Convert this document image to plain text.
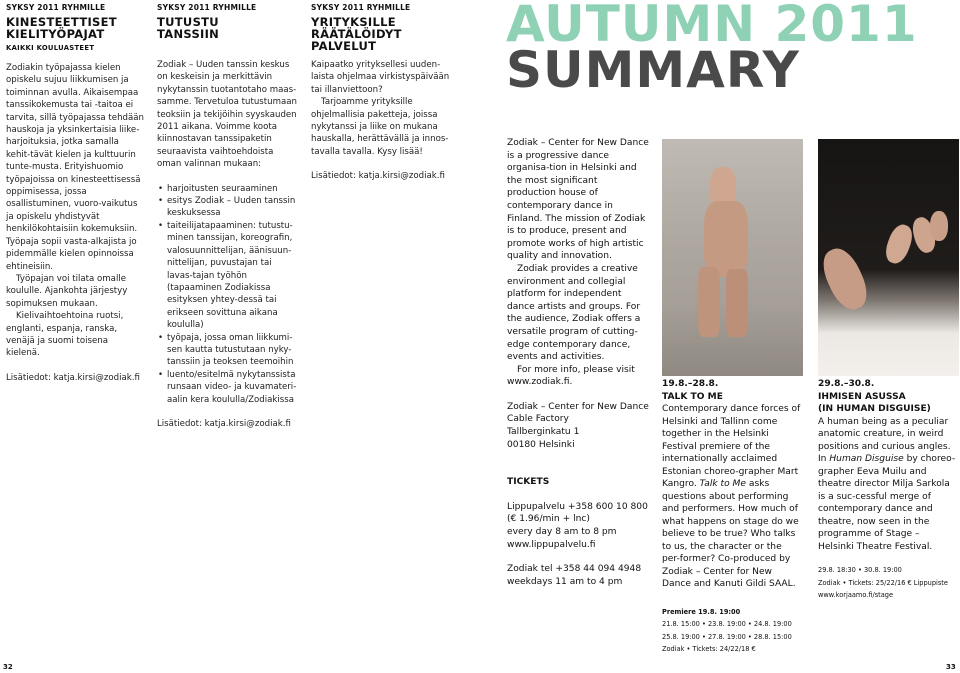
SYKSY 2011 RYHMILLE
KINESTEETTISET
KIELITYÖPAJAT
KAIKKI KOULUASTEET

Zodiakin työpajassa kielen opiskelu sujuu liikkumisen ja toiminnan avulla. Aikaisempaa tanssikokemusta tai -taitoa ei tarvita, sillä työpajassa tehdään hauskoja ja yksinkertaisia liike-harjoituksia, jotka samalla kehit-tävät kielen ja kulttuurin tunte-musta. Erityishuomio työpajoissa on kinesteettisessä oppimisessa, jossa osallistuminen, vuoro-vaikutus ja opiskelu yhdistyvät henkilökohtaisiin kokemuksiin. Työpaja sopii vasta-alkajista jo pidemmälle kielen opinnoissa ehtineisiin.

Työpajan voi tilata omalle koululle. Ajankohta järjestyy sopimuksen mukaan.

Kielivaihtoehtoina ruotsi, englanti, espanja, ranska, venäjä ja suomi toisena kielenä.

Lisätiedot: katja.kirsi@zodiak.fi

SYKSY 2011 RYHMILLE
TUTUSTU
TANSSIIN

Zodiak – Uuden tanssin keskus on keskeisin ja merkittävin nykytanssin tuotantotaho maas-samme. Tervetuloa tutustumaan teoksiin ja tekijöihin syyskauden 2011 aikana. Voimme koota kiinnostavan tanssipaketin seuraavista vaihtoehdoista oman valinnan mukaan:

• harjoitusten seuraaminen
• esitys Zodiak – Uuden tanssin keskuksessa
• taiteilijatapaaminen: tutustu-minen tanssijan, koreografin, valosuunnittelijan, äänisuun-nittelijan, puvustajan tai lavas-tajan työhön (tapaaminen Zodiakissa esityksen yhtey-dessä tai erikseen sovittuna aikana koululla)
• työpaja, jossa oman liikkumi-sen kautta tutustutaan nyky-tanssiin ja teoksen teemoihin
• luento/esitelmä nykytanssista runsaan video- ja kuvamateri-aalin kera koululla/Zodiakissa

Lisätiedot: katja.kirsi@zodiak.fi

SYKSY 2011 RYHMILLE
YRITYKSILLE
RÄÄTÄLÖIDYT
PALVELUT

Kaipaatko yrityksellesi uuden-laista ohjelmaa virkistyspäivään tai illanviettoon?

Tarjoamme yrityksille ohjelmallisia paketteja, joissa nykytanssi ja liike on mukana hauskalla, herättävällä ja innos-tavalla tavalla. Kysy lisää!

Lisätiedot: katja.kirsi@zodiak.fi

AUTUMN 2011
SUMMARY

Zodiak – Center for New Dance is a progressive dance organisa-tion in Helsinki and the most significant production house of contemporary dance in Finland. The mission of Zodiak is to produce, present and promote works of high artistic quality and innovation.

Zodiak provides a creative environment and collegial platform for independent dance artists and groups. For the audience, Zodiak offers a versatile program of cutting-edge contemporary dance, events and activities.

For more info, please visit

www.zodiak.fi.

Zodiak – Center for New Dance

Cable Factory

Tallberginkatu 1

00180 Helsinki

TICKETS

Lippupalvelu +358 600 10 800

(€ 1.96/min + lnc)

every day 8 am to 8 pm

www.lippupalvelu.fi

Zodiak tel +358 44 094 4948

weekdays 11 am to 4 pm

19.8.–28.8.

TALK TO ME

Contemporary dance forces of Helsinki and Tallinn come together in the Helsinki Festival premiere of the internationally acclaimed Estonian choreo-grapher Mart Kangro. Talk to Me asks questions about performing and performers. How much of what happens on stage do we believe to be true? Who talks to us, the character or the per-former? Co-produced by Zodiak – Center for New Dance and Kanuti Gildi SAAL.

Premiere 19.8. 19:00

21.8. 15:00 • 23.8. 19:00 • 24.8. 19:00

25.8. 19:00 • 27.8. 19:00 • 28.8. 15:00

Zodiak • Tickets: 24/22/18 €

29.8.–30.8.

IHMISEN ASUSSA

(IN HUMAN DISGUISE)

A human being as a peculiar anatomic creature, in weird positions and curious angles. In Human Disguise by choreo-grapher Eeva Muilu and theatre director Milja Sarkola is a suc-cessful merge of contemporary dance and theatre, now seen in the programme of Stage – Helsinki Theatre Festival.

29.8. 18:30 • 30.8. 19:00

Zodiak • Tickets: 25/22/16 € Lippupiste

www.korjaamo.fi/stage

32	33
